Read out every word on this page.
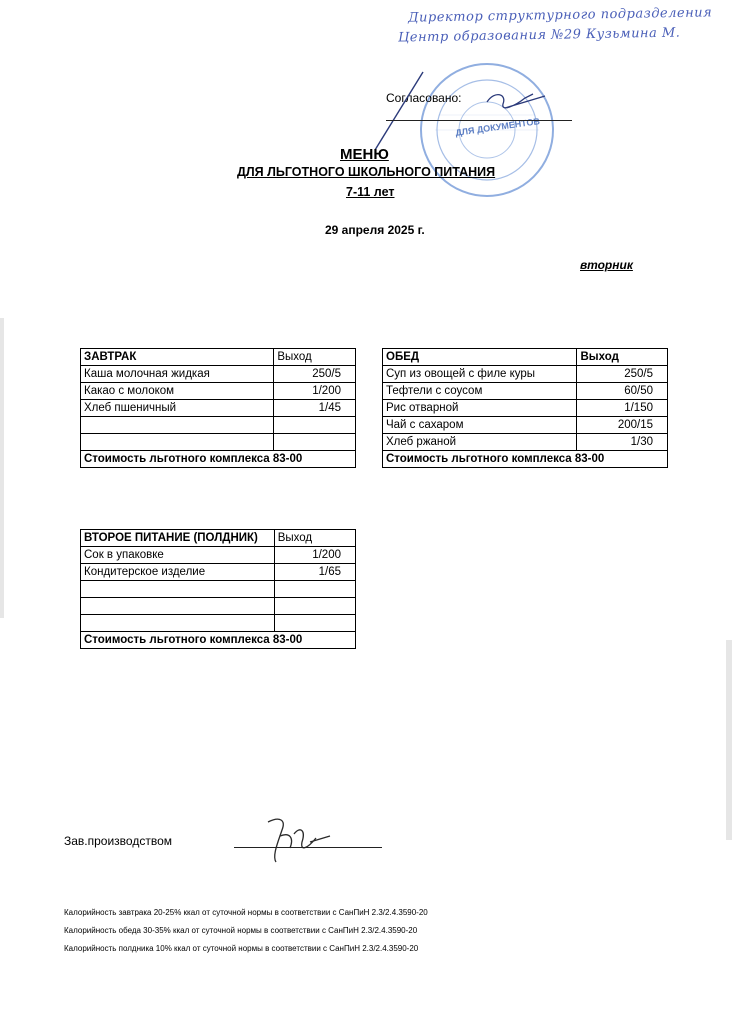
Директор структурного подразделения
Центр образования №29 Кузьмина М.
ДЛЯ ДОКУМЕНТОВ
Согласовано:
МЕНЮ
ДЛЯ ЛЬГОТНОГО ШКОЛЬНОГО ПИТАНИЯ
7-11 лет
29 апреля 2025 г.
вторник
ЗАВТРАК	Выход
Каша молочная жидкая	250/5
Какао с молоком	1/200
Хлеб пшеничный	1/45

Стоимость льготного комплекса 83-00	
ОБЕД	Выход
Суп из овощей с филе куры	250/5
Тефтели с соусом	60/50
Рис отварной	1/150
Чай с сахаром	200/15
Хлеб ржаной	1/30
Стоимость льготного комплекса 83-00	
ВТОРОЕ ПИТАНИЕ (ПОЛДНИК)	Выход
Сок в упаковке	1/200
Кондитерское изделие	1/65

Стоимость льготного комплекса 83-00	
Зав.производством
Калорийность завтрака 20-25% ккал от суточной нормы в соответствии с СанПиН 2.3/2.4.3590-20
Калорийность обеда 30-35% ккал от суточной нормы в соответствии с СанПиН 2.3/2.4.3590-20
Калорийность полдника 10% ккал от суточной нормы в соответствии с СанПиН 2.3/2.4.3590-20
